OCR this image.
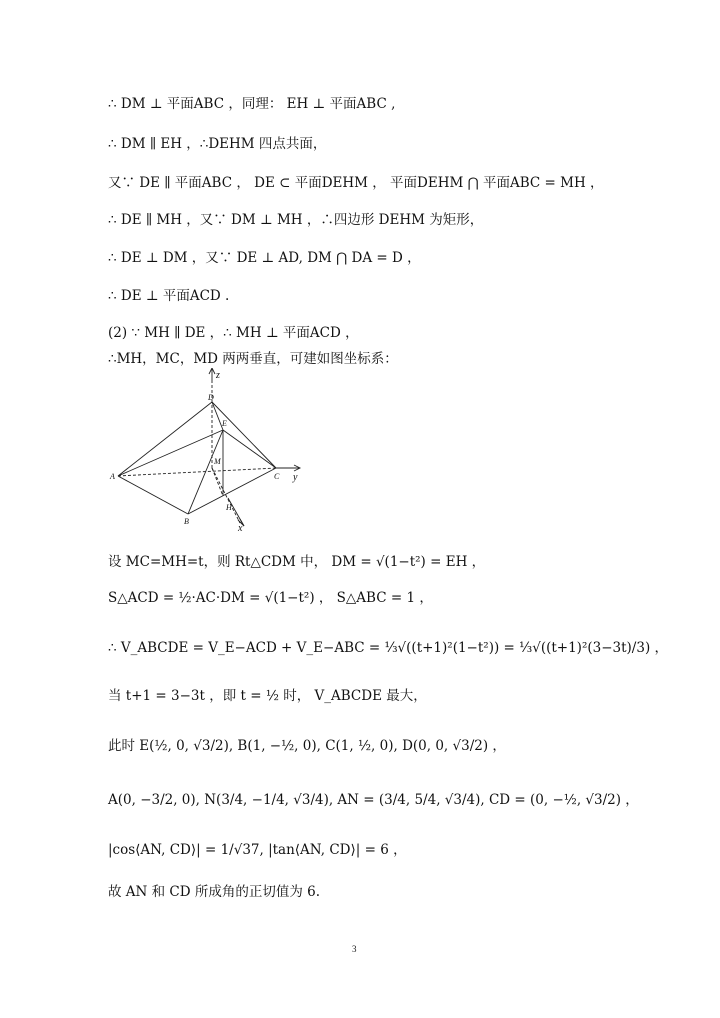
∴ DM ⊥ 平面ABC ，同理： EH ⊥ 平面ABC ,
∴ DM ∥ EH ，∴DEHM 四点共面，
又∵ DE ∥ 平面ABC ， DE ⊂ 平面DEHM ， 平面DEHM ⋂ 平面ABC = MH ，
∴ DE ∥ MH ，又∵ DM ⊥ MH ，∴四边形 DEHM 为矩形，
∴ DE ⊥ DM ，又∵ DE ⊥ AD, DM ⋂ DA = D ，
∴ DE ⊥ 平面ACD .
(2) ∵ MH ∥ DE ，∴ MH ⊥ 平面ACD ，
∴MH，MC，MD 两两垂直，可建如图坐标系：
z
D
E
M
A	C y
B
H
x
设 MC=MH=t，则 Rt△CDM 中， DM = √(1−t²) = EH ，
S△ACD = ½·AC·DM = √(1−t²) ， S△ABC = 1 ，
∴ V_ABCDE = V_E−ACD + V_E−ABC = ⅓√((t+1)²(1−t²)) = ⅓√((t+1)²(3−3t)/3) ，
当 t+1 = 3−3t ，即 t = ½ 时， V_ABCDE 最大，
此时 E(½, 0, √3/2), B(1, −½, 0), C(1, ½, 0), D(0, 0, √3/2) ，
A(0, −3/2, 0), N(3/4, −1/4, √3/4), AN = (3/4, 5/4, √3/4), CD = (0, −½, √3/2) ，
|cos⟨AN, CD⟩| = 1/√37, |tan⟨AN, CD⟩| = 6 ，
故 AN 和 CD 所成角的正切值为 6.
3
